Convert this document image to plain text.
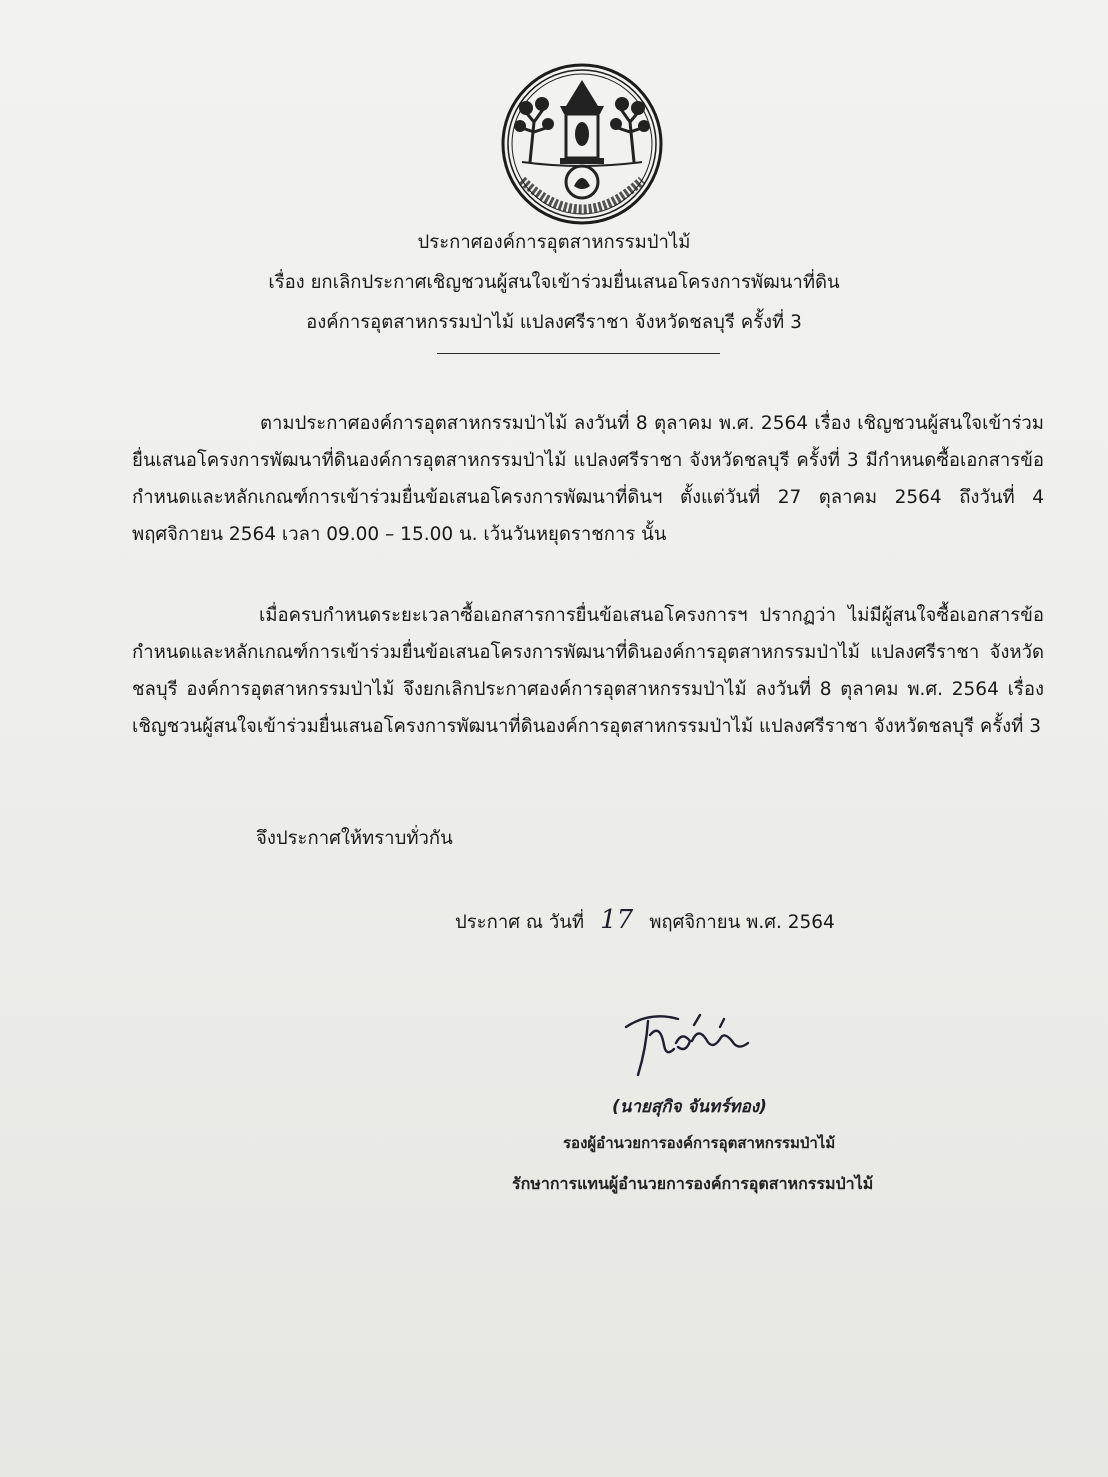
ประกาศองค์การอุตสาหกรรมป่าไม้
เรื่อง ยกเลิกประกาศเชิญชวนผู้สนใจเข้าร่วมยื่นเสนอโครงการพัฒนาที่ดิน
องค์การอุตสาหกรรมป่าไม้ แปลงศรีราชา จังหวัดชลบุรี ครั้งที่ 3

ตามประกาศองค์การอุตสาหกรรมป่าไม้ ลงวันที่ 8 ตุลาคม พ.ศ. 2564 เรื่อง เชิญชวนผู้สนใจเข้าร่วมยื่นเสนอโครงการพัฒนาที่ดินองค์การอุตสาหกรรมป่าไม้ แปลงศรีราชา จังหวัดชลบุรี ครั้งที่ 3 มีกำหนดซื้อเอกสารข้อกำหนดและหลักเกณฑ์การเข้าร่วมยื่นข้อเสนอโครงการพัฒนาที่ดินฯ ตั้งแต่วันที่ 27 ตุลาคม 2564 ถึงวันที่ 4 พฤศจิกายน 2564 เวลา 09.00 – 15.00 น. เว้นวันหยุดราชการ นั้น

เมื่อครบกำหนดระยะเวลาซื้อเอกสารการยื่นข้อเสนอโครงการฯ ปรากฏว่า ไม่มีผู้สนใจซื้อเอกสารข้อกำหนดและหลักเกณฑ์การเข้าร่วมยื่นข้อเสนอโครงการพัฒนาที่ดินองค์การอุตสาหกรรมป่าไม้ แปลงศรีราชา จังหวัดชลบุรี องค์การอุตสาหกรรมป่าไม้ จึงยกเลิกประกาศองค์การอุตสาหกรรมป่าไม้ ลงวันที่ 8 ตุลาคม พ.ศ. 2564 เรื่อง เชิญชวนผู้สนใจเข้าร่วมยื่นเสนอโครงการพัฒนาที่ดินองค์การอุตสาหกรรมป่าไม้ แปลงศรีราชา จังหวัดชลบุรี ครั้งที่ 3

จึงประกาศให้ทราบทั่วกัน
ประกาศ ณ วันที่ 17 พฤศจิกายน พ.ศ. 2564
(นายสุกิจ จันทร์ทอง)
รองผู้อำนวยการองค์การอุตสาหกรรมป่าไม้
รักษาการแทนผู้อำนวยการองค์การอุตสาหกรรมป่าไม้
